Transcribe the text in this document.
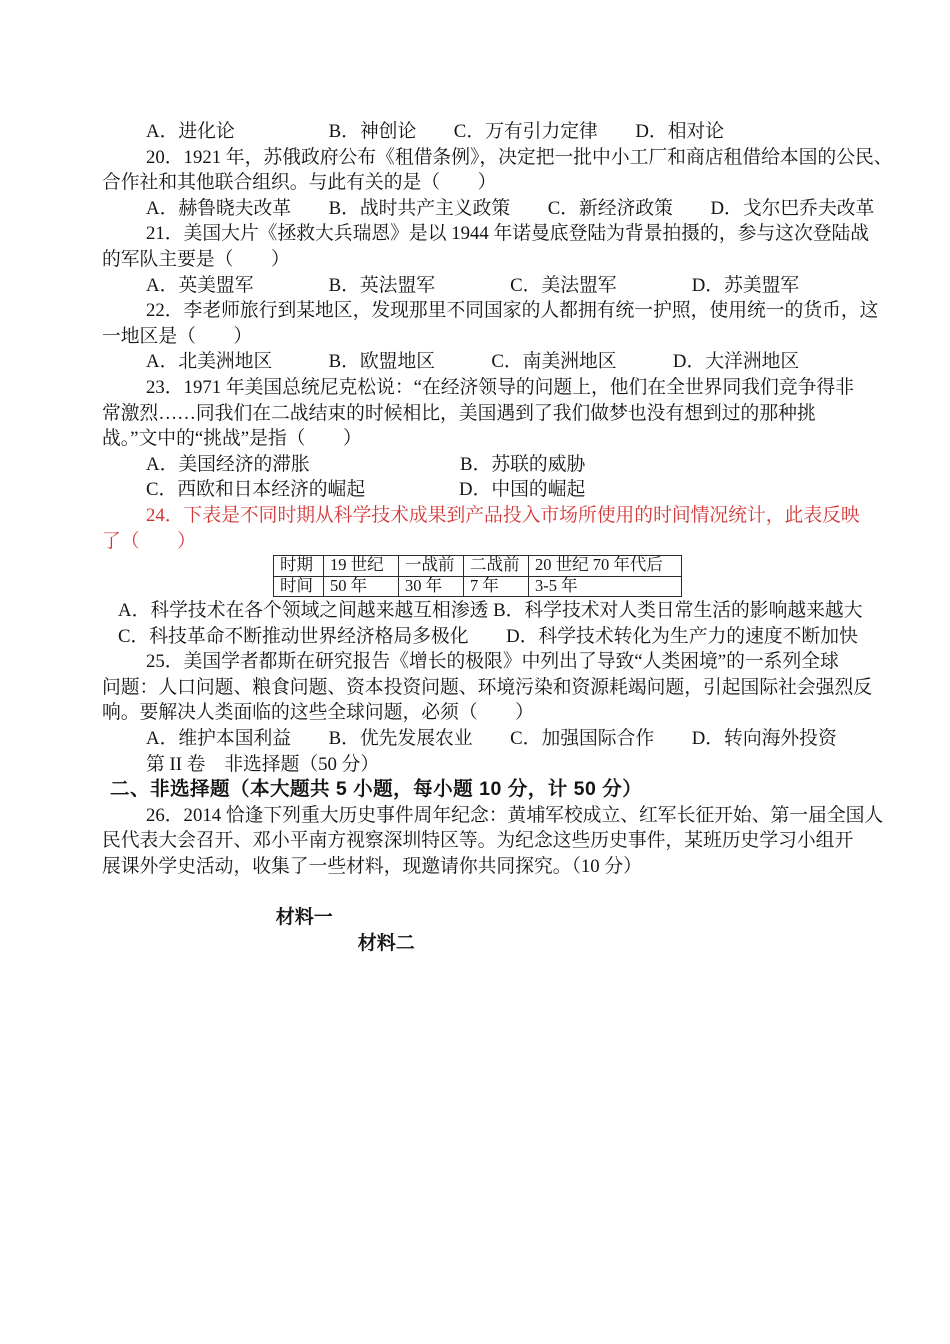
A．进化论　　　　　B．神创论　　C．万有引力定律　　D．相对论
20．1921 年，苏俄政府公布《租借条例》，决定把一批中小工厂和商店租借给本国的公民、
合作社和其他联合组织。与此有关的是（　　）
A．赫鲁晓夫改革　　B．战时共产主义政策　　C．新经济政策　　D．戈尔巴乔夫改革
21．美国大片《拯救大兵瑞恩》是以 1944 年诺曼底登陆为背景拍摄的，参与这次登陆战
的军队主要是（　　）
A．英美盟军　　　　B．英法盟军　　　　C．美法盟军　　　　D．苏美盟军
22．李老师旅行到某地区，发现那里不同国家的人都拥有统一护照，使用统一的货币，这
一地区是（　　）
A．北美洲地区　　　B．欧盟地区　　　C．南美洲地区　　　D．大洋洲地区
23．1971 年美国总统尼克松说：“在经济领导的问题上，他们在全世界同我们竞争得非
常激烈……同我们在二战结束的时候相比，美国遇到了我们做梦也没有想到过的那种挑
战。”文中的“挑战”是指（　　）
A．美国经济的滞胀　　　　　　　　B．苏联的威胁
C．西欧和日本经济的崛起　　　　　D．中国的崛起
24．下表是不同时期从科学技术成果到产品投入市场所使用的时间情况统计，此表反映
了（　　）
时期	19 世纪	一战前	二战前	20 世纪 70 年代后
时间	50 年	30 年	7 年	3-5 年
A．科学技术在各个领域之间越来越互相渗透 B．科学技术对人类日常生活的影响越来越大
C．科技革命不断推动世界经济格局多极化　　D．科学技术转化为生产力的速度不断加快
25．美国学者都斯在研究报告《增长的极限》中列出了导致“人类困境”的一系列全球
问题：人口问题、粮食问题、资本投资问题、环境污染和资源耗竭问题，引起国际社会强烈反
响。要解决人类面临的这些全球问题，必须（　　）
A．维护本国利益　　B．优先发展农业　　C．加强国际合作　　D．转向海外投资
第 II 卷　非选择题（50 分）
二、非选择题（本大题共 5 小题，每小题 10 分，计 50 分）
26．2014 恰逢下列重大历史事件周年纪念：黄埔军校成立、红军长征开始、第一届全国人
民代表大会召开、邓小平南方视察深圳特区等。为纪念这些历史事件，某班历史学习小组开
展课外学史活动，收集了一些材料，现邀请你共同探究。（10 分）

材料一
材料二
